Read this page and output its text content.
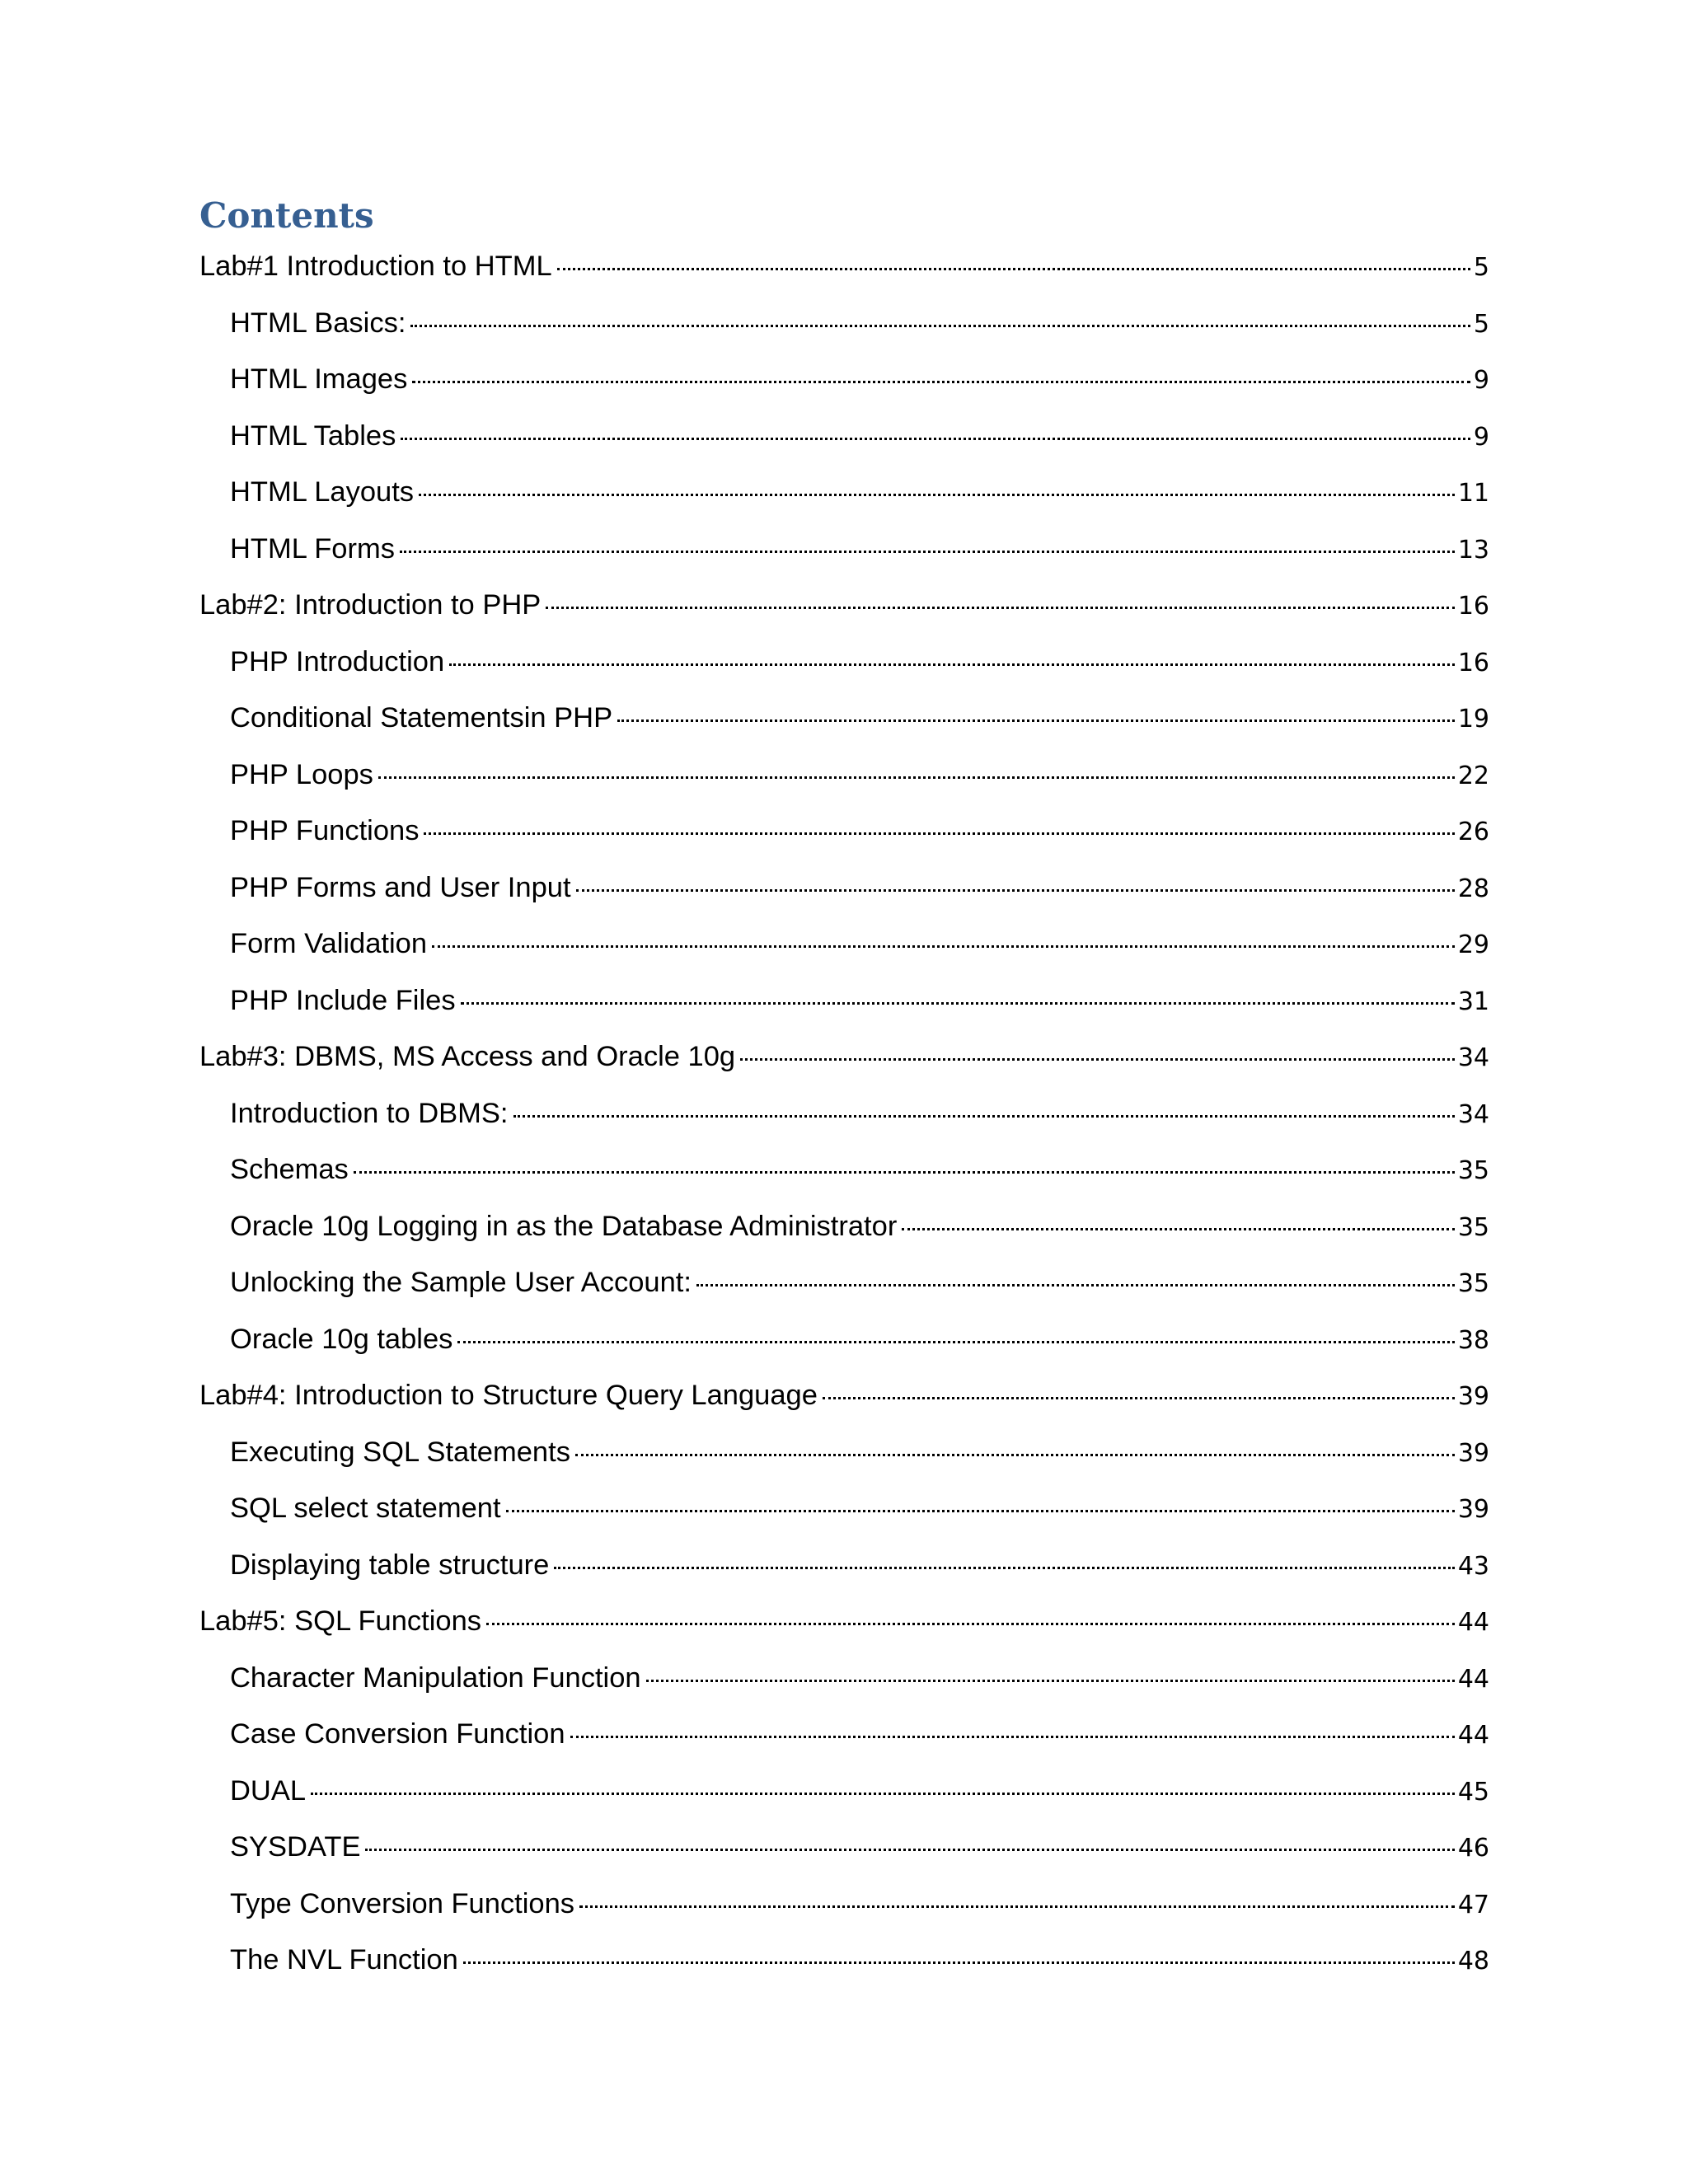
Contents
Lab#1 Introduction to HTML	5
HTML Basics:	5
HTML Images	9
HTML Tables	9
HTML Layouts	11
HTML Forms	13
Lab#2: Introduction to PHP	16
PHP Introduction	16
Conditional Statementsin PHP	19
PHP Loops	22
PHP Functions	26
PHP Forms and User Input	28
Form Validation	29
PHP Include Files	31
Lab#3: DBMS, MS Access and Oracle 10g	34
Introduction to DBMS:	34
Schemas	35
Oracle 10g Logging in as the Database Administrator	35
Unlocking the Sample User Account:	35
Oracle 10g tables	38
Lab#4: Introduction to Structure Query Language	39
Executing SQL Statements	39
SQL select statement	39
Displaying table structure	43
Lab#5: SQL Functions	44
Character Manipulation Function	44
Case Conversion Function	44
DUAL	45
SYSDATE	46
Type Conversion Functions	47
The NVL Function	48
